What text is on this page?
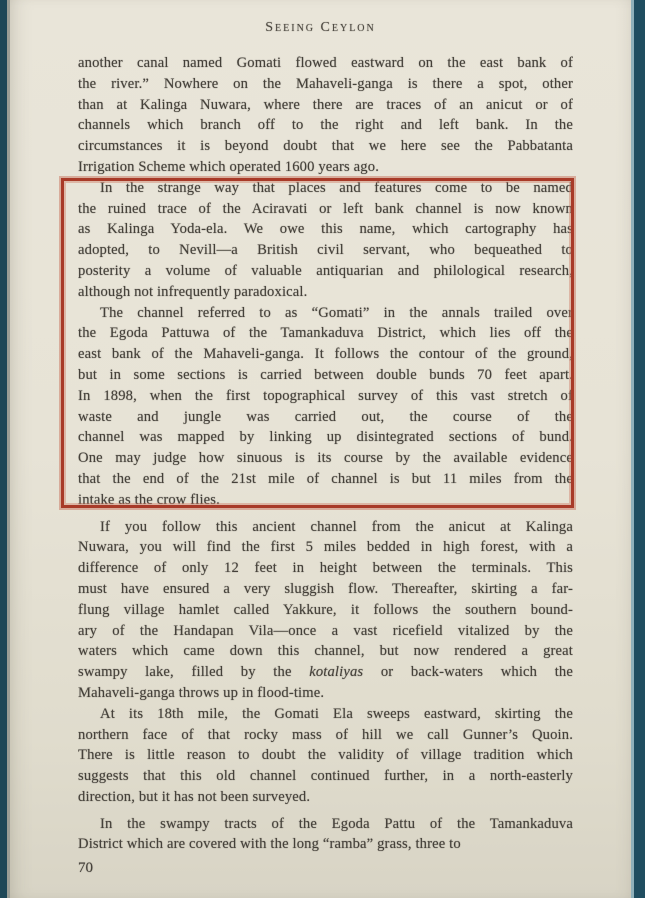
Seeing Ceylon
another canal named Gomati flowed eastward on the east bank of
the river.” Nowhere on the Mahaveli-ganga is there a spot, other
than at Kalinga Nuwara, where there are traces of an anicut or of
channels which branch off to the right and left bank. In the
circumstances it is beyond doubt that we here see the Pabbatanta
Irrigation Scheme which operated 1600 years ago.
In the strange way that places and features come to be named
the ruined trace of the Aciravati or left bank channel is now known
as Kalinga Yoda-ela. We owe this name, which cartography has
adopted, to Nevill—a British civil servant, who bequeathed to
posterity a volume of valuable antiquarian and philological research,
although not infrequently paradoxical.
The channel referred to as “Gomati” in the annals trailed over
the Egoda Pattuwa of the Tamankaduva District, which lies off the
east bank of the Mahaveli-ganga. It follows the contour of the ground,
but in some sections is carried between double bunds 70 feet apart.
In 1898, when the first topographical survey of this vast stretch of
waste and jungle was carried out, the course of the
channel was mapped by linking up disintegrated sections of bund.
One may judge how sinuous is its course by the available evidence
that the end of the 21st mile of channel is but 11 miles from the
intake as the crow flies.
If you follow this ancient channel from the anicut at Kalinga
Nuwara, you will find the first 5 miles bedded in high forest, with a
difference of only 12 feet in height between the terminals. This
must have ensured a very sluggish flow. Thereafter, skirting a far-
flung village hamlet called Yakkure, it follows the southern bound-
ary of the Handapan Vila—once a vast ricefield vitalized by the
waters which came down this channel, but now rendered a great
swampy lake, filled by the kotaliyas or back-waters which the
Mahaveli-ganga throws up in flood-time.
At its 18th mile, the Gomati Ela sweeps eastward, skirting the
northern face of that rocky mass of hill we call Gunner’s Quoin.
There is little reason to doubt the validity of village tradition which
suggests that this old channel continued further, in a north-easterly
direction, but it has not been surveyed.
In the swampy tracts of the Egoda Pattu of the Tamankaduva
District which are covered with the long “ramba” grass, three to
70
